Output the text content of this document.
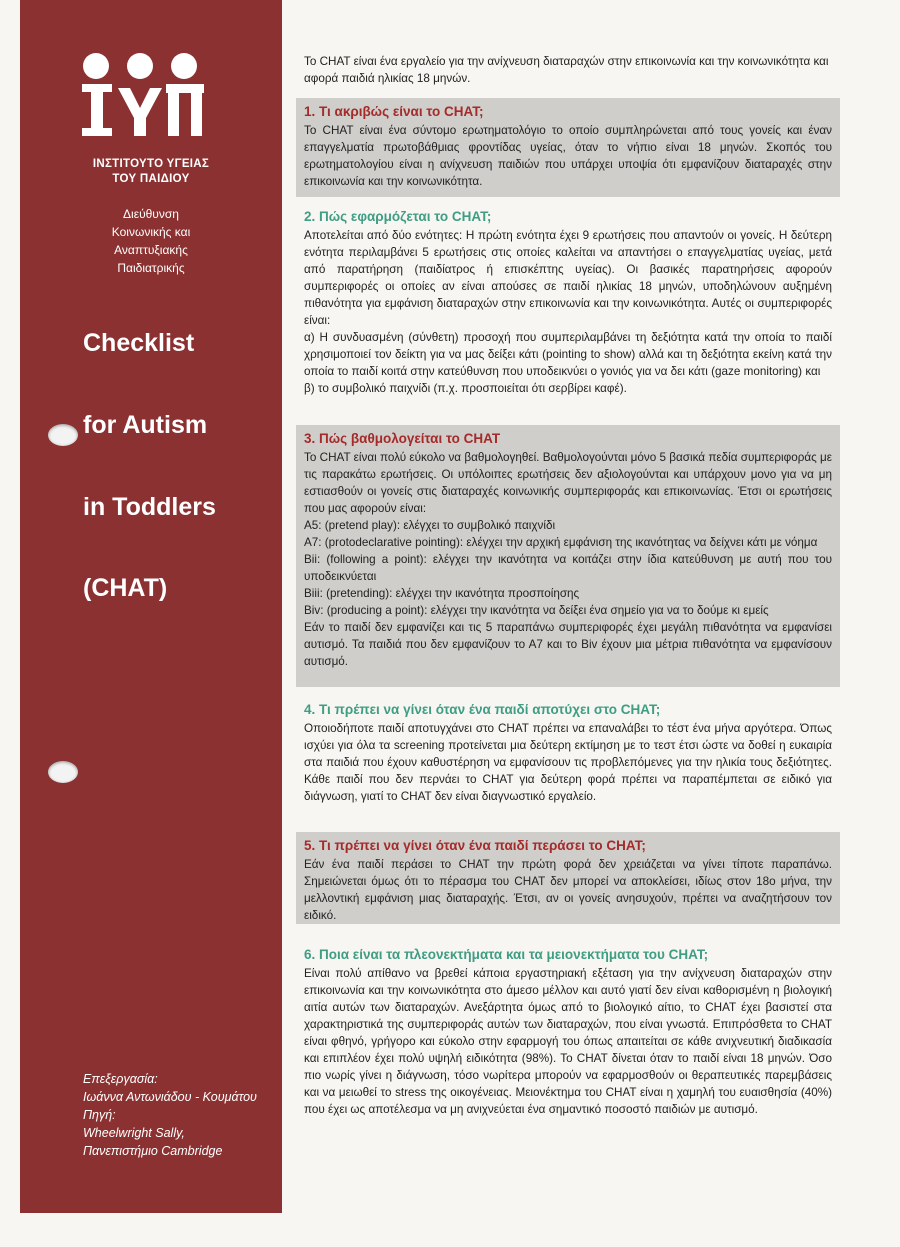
ΙΝΣΤΙΤΟΥΤΟ ΥΓΕΙΑΣ
ΤΟΥ ΠΑΙΔΙΟΥ
Διεύθυνση
Κοινωνικής και
Αναπτυξιακής
Παιδιατρικής
Checklist
for Autism
in Toddlers
(CHAT)
Επεξεργασία:
Ιωάννα Αντωνιάδου - Κουμάτου
Πηγή:
Wheelwright Sally,
Πανεπιστήμιο Cambridge

Το CHAT είναι ένα εργαλείο για την ανίχνευση διαταραχών στην επικοινωνία και την κοινωνικότητα και αφορά παιδιά ηλικίας 18 μηνών.

1. Τι ακριβώς είναι το CHAT;

Το CHAT είναι ένα σύντομο ερωτηματολόγιο το οποίο συμπληρώνεται από τους γονείς και έναν επαγγελματία πρωτοβάθμιας φροντίδας υγείας, όταν το νήπιο είναι 18 μηνών. Σκοπός του ερωτηματολογίου είναι η ανίχνευση παιδιών που υπάρχει υποψία ότι εμφανίζουν διαταραχές στην επικοινωνία και την κοινωνικότητα.

2. Πώς εφαρμόζεται το CHAT;

Αποτελείται από δύο ενότητες: Η πρώτη ενότητα έχει 9 ερωτήσεις που απαντούν οι γονείς. Η δεύτερη ενότητα περιλαμβάνει 5 ερωτήσεις στις οποίες καλείται να απαντήσει ο επαγγελματίας υγείας, μετά από παρατήρηση (παιδίατρος ή επισκέπτης υγείας). Οι βασικές παρατηρήσεις αφορούν συμπεριφορές οι οποίες αν είναι απούσες σε παιδί ηλικίας 18 μηνών, υποδηλώνουν αυξημένη πιθανότητα για εμφάνιση διαταραχών στην επικοινωνία και την κοινωνικότητα. Αυτές οι συμπεριφορές είναι:

α) Η συνδυασμένη (σύνθετη) προσοχή που συμπεριλαμβάνει τη δεξιότητα κατά την οποία το παιδί χρησιμοποιεί τον δείκτη για να μας δείξει κάτι (pointing to show) αλλά και τη δεξιότητα εκείνη κατά την οποία το παιδί κοιτά στην κατεύθυνση που υποδεικνύει ο γονιός για να δει κάτι (gaze monitoring) και

β) το συμβολικό παιχνίδι (π.χ. προσποιείται ότι σερβίρει καφέ).

3. Πώς βαθμολογείται το CHAT

Το CHAT είναι πολύ εύκολο να βαθμολογηθεί. Βαθμολογούνται μόνο 5 βασικά πεδία συμπεριφοράς με τις παρακάτω ερωτήσεις. Οι υπόλοιπες ερωτήσεις δεν αξιολογούνται και υπάρχουν μονο για να μη εστιασθούν οι γονείς στις διαταραχές κοινωνικής συμπεριφοράς και επικοινωνίας. Έτσι οι ερωτήσεις που μας αφορούν είναι:

Α5: (pretend play): ελέγχει το συμβολικό παιχνίδι

Α7: (protodeclarative pointing): ελέγχει την αρχική εμφάνιση της ικανότητας να δείχνει κάτι με νόημα

Bii: (following a point): ελέγχει την ικανότητα να κοιτάζει στην ίδια κατεύθυνση με αυτή που του υποδεικνύεται

Biii: (pretending): ελέγχει την ικανότητα προσποίησης

Biv: (producing a point): ελέγχει την ικανότητα να δείξει ένα σημείο για να το δούμε κι εμείς

Εάν το παιδί δεν εμφανίζει και τις 5 παραπάνω συμπεριφορές έχει μεγάλη πιθανότητα να εμφανίσει αυτισμό. Τα παιδιά που δεν εμφανίζουν το Α7 και το Biv έχουν μια μέτρια πιθανότητα να εμφανίσουν αυτισμό.

4. Τι πρέπει να γίνει όταν ένα παιδί αποτύχει στο CHAT;

Οποιοδήποτε παιδί αποτυγχάνει στο CHAT πρέπει να επαναλάβει το τέστ ένα μήνα αργότερα. Όπως ισχύει για όλα τα screening προτείνεται μια δεύτερη εκτίμηση με το τεστ έτσι ώστε να δοθεί η ευκαιρία στα παιδιά που έχουν καθυστέρηση να εμφανίσουν τις προβλεπόμενες για την ηλικία τους δεξιότητες. Κάθε παιδί που δεν περνάει το CHAT για δεύτερη φορά πρέπει να παραπέμπεται σε ειδικό για διάγνωση, γιατί το CHAT δεν είναι διαγνωστικό εργαλείο.

5. Τι πρέπει να γίνει όταν ένα παιδί περάσει το CHAT;

Εάν ένα παιδί περάσει το CHAT την πρώτη φορά δεν χρειάζεται να γίνει τίποτε παραπάνω. Σημειώνεται όμως ότι το πέρασμα του CHAT δεν μπορεί να αποκλείσει, ιδίως στον 18ο μήνα, την μελλοντική εμφάνιση μιας διαταραχής. Έτσι, αν οι γονείς ανησυχούν, πρέπει να αναζητήσουν τον ειδικό.

6. Ποια είναι τα πλεονεκτήματα και τα μειονεκτήματα του CHAT;

Είναι πολύ απίθανο να βρεθεί κάποια εργαστηριακή εξέταση για την ανίχνευση διαταραχών στην επικοινωνία και την κοινωνικότητα στο άμεσο μέλλον και αυτό γιατί δεν είναι καθορισμένη η βιολογική αιτία αυτών των διαταραχών. Ανεξάρτητα όμως από το βιολογικό αίτιο, το CHAT έχει βασιστεί στα χαρακτηριστικά της συμπεριφοράς αυτών των διαταραχών, που είναι γνωστά. Επιπρόσθετα το CHAT είναι φθηνό, γρήγορο και εύκολο στην εφαρμογή του όπως απαιτείται σε κάθε ανιχνευτική διαδικασία και επιπλέον έχει πολύ υψηλή ειδικότητα (98%). Το CHAT δίνεται όταν το παιδί είναι 18 μηνών. Όσο πιο νωρίς γίνει η διάγνωση, τόσο νωρίτερα μπορούν να εφαρμοσθούν οι θεραπευτικές παρεμβάσεις και να μειωθεί το stress της οικογένειας. Μειονέκτημα του CHAT είναι η χαμηλή του ευαισθησία (40%) που έχει ως αποτέλεσμα να μη ανιχνεύεται ένα σημαντικό ποσοστό παιδιών με αυτισμό.
